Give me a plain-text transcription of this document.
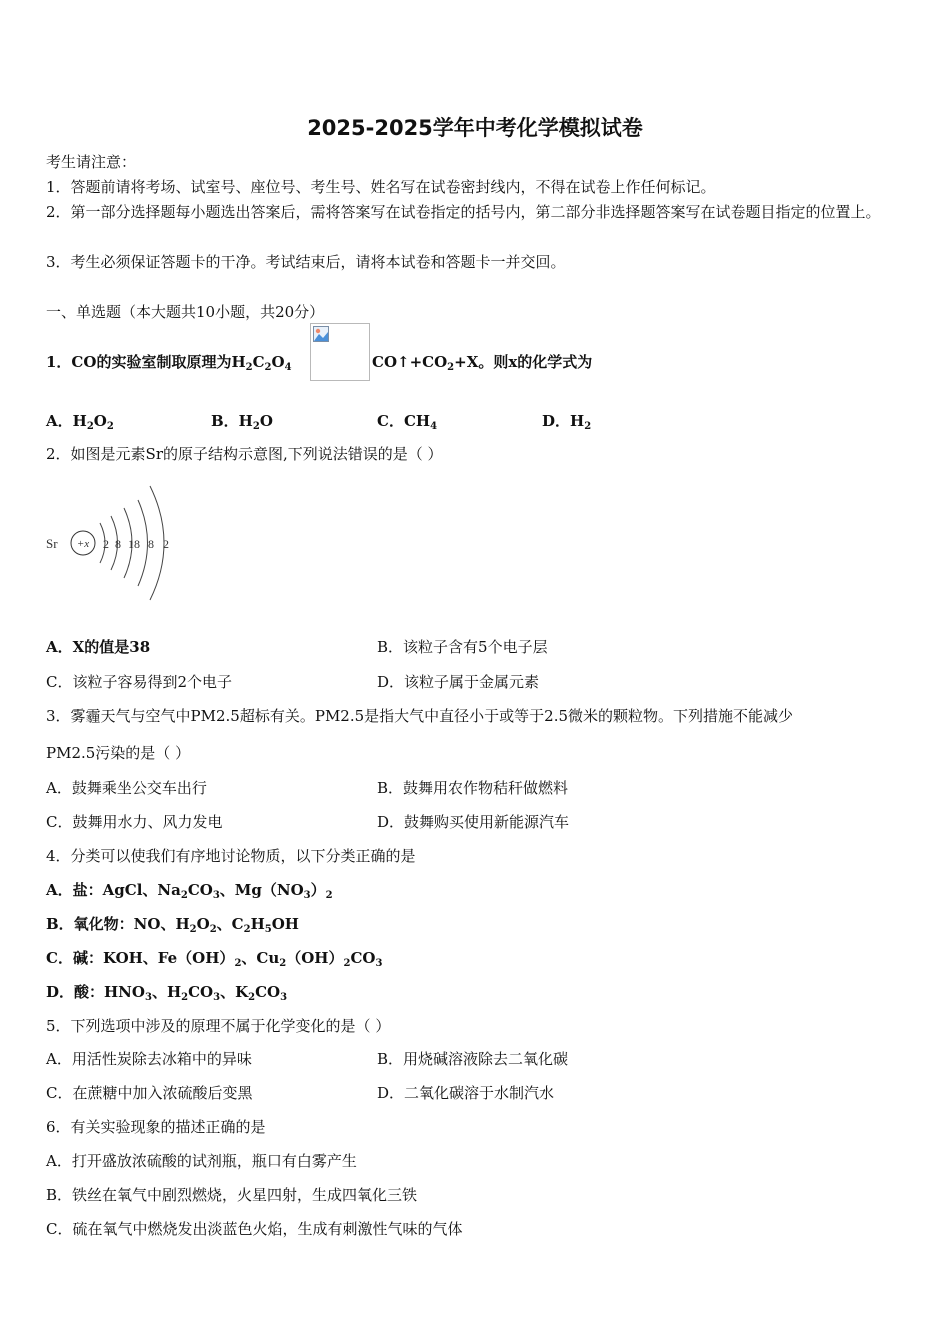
2025-2025学年中考化学模拟试卷
考生请注意：
1．答题前请将考场、试室号、座位号、考生号、姓名写在试卷密封线内，不得在试卷上作任何标记。
2．第一部分选择题每小题选出答案后，需将答案写在试卷指定的括号内，第二部分非选择题答案写在试卷题目指定的位置上。
3．考生必须保证答题卡的干净。考试结束后，请将本试卷和答题卡一并交回。
一、单选题（本大题共10小题，共20分）
1．CO的实验室制取原理为$H_2C_2O_4$	$CO↑+CO_2+X$。则x的化学式为
A．$H_2O_2$	B．$H_2O$	C．$CH_4$	D．$H_2$
2．如图是元素Sr的原子结构示意图,下列说法错误的是（ ）
Sr +x 2 8 18 8 2
A．X的值是38	B．该粒子含有5个电子层
C．该粒子容易得到2个电子	D．该粒子属于金属元素
3．雾霾天气与空气中PM2.5超标有关。PM2.5是指大气中直径小于或等于2.5微米的颗粒物。下列措施不能减少
PM2.5污染的是（ ）
A．鼓舞乘坐公交车出行	B．鼓舞用农作物秸秆做燃料
C．鼓舞用水力、风力发电	D．鼓舞购买使用新能源汽车
4．分类可以使我们有序地讨论物质，以下分类正确的是
A．盐：AgCl、$Na_2CO_3$、$Mg(NO_3)_2$
B．氧化物：NO、$H_2O_2$、$C_2H_5OH$
C．碱：KOH、$Fe(OH)_2$、$Cu_2(OH)_2CO_3$
D．酸：$HNO_3$、$H_2CO_3$、$K_2CO_3$
5．下列选项中涉及的原理不属于化学变化的是（ ）
A．用活性炭除去冰箱中的异味	B．用烧碱溶液除去二氧化碳
C．在蔗糖中加入浓硫酸后变黑	D．二氧化碳溶于水制汽水
6．有关实验现象的描述正确的是
A．打开盛放浓硫酸的试剂瓶，瓶口有白雾产生
B．铁丝在氧气中剧烈燃烧，火星四射，生成四氧化三铁
C．硫在氧气中燃烧发出淡蓝色火焰，生成有刺激性气味的气体
